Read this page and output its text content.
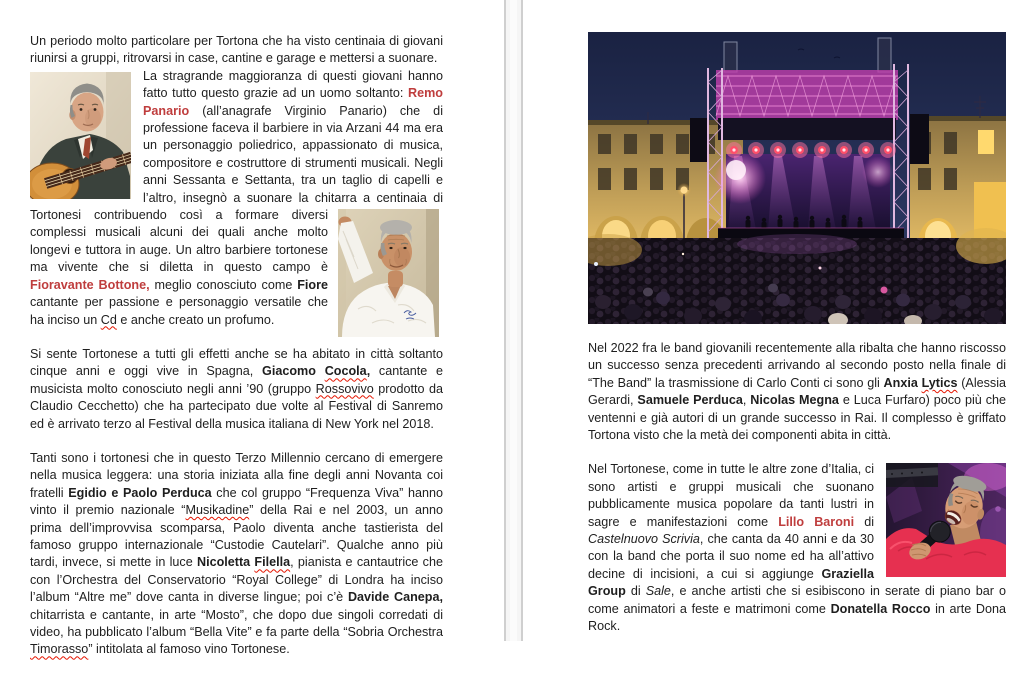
Un periodo molto particolare per Tortona che ha visto centinaia di giovani riunirsi a gruppi, ritrovarsi in case, cantine e garage e mettersi a suonare.

La stragrande maggioranza di questi giovani hanno fatto tutto questo grazie ad un uomo soltanto: Remo Panario (all’anagrafe Virginio Panario) che di professione faceva il barbiere in via Arzani 44 ma era un personaggio poliedrico, appassionato di musica, compositore e costruttore di strumenti musicali. Negli anni Sessanta e Settanta, tra un taglio di capelli e l’altro, insegnò a suonare la chitarra a
centinaia di Tortonesi contribuendo così a formare diversi complessi musicali alcuni dei quali anche molto longevi e tuttora in auge. Un altro barbiere tortonese ma vivente che si diletta in questo campo è Fioravante Bottone, meglio conosciuto come Fiore cantante per passione e personaggio versatile che ha inciso un Cd e anche creato un profumo.

Si sente Tortonese a tutti gli effetti anche se ha abitato in città soltanto cinque anni e oggi vive in Spagna, Giacomo Cocola, cantante e musicista molto conosciuto negli anni ’90 (gruppo Rossovivo prodotto da Claudio Cecchetto) che ha partecipato due volte al Festival di Sanremo ed è arrivato terzo al Festival della musica italiana di New York nel 2018.

Tanti sono i tortonesi che in questo Terzo Millennio cercano di emergere nella musica leggera: una storia iniziata alla fine degli anni Novanta coi fratelli Egidio e Paolo Perduca che col gruppo “Frequenza Viva” hanno vinto il premio nazionale “Musikadine” della Rai e nel 2003, un anno prima dell’improvvisa scomparsa, Paolo diventa anche tastierista del famoso gruppo internazionale “Custodie Cautelari”. Qualche anno più tardi, invece, si mette in luce Nicoletta Filella, pianista e cantautrice che con l’Orchestra del Conservatorio “Royal College” di Londra ha inciso l’album “Altre me” dove canta in diverse lingue; poi c’è Davide Canepa, chitarrista e cantante, in arte “Mosto”, che dopo due singoli corredati di video, ha pubblicato l’album “Bella Vite” e fa parte della “Sobria Orchestra Timorasso” intitolata al famoso vino Tortonese.

Nel 2022 fra le band giovanili recentemente alla ribalta che hanno riscosso un successo senza precedenti arrivando al secondo posto nella finale di “The Band” la trasmissione di Carlo Conti ci sono gli Anxia Lytics (Alessia Gerardi, Samuele Perduca, Nicolas Megna e Luca Furfaro) poco più che ventenni e già autori di un grande successo in Rai. Il complesso è griffato Tortona visto che la metà dei componenti abita in città.

Nel Tortonese, come in tutte le altre zone d’Italia, ci sono artisti e gruppi musicali che suonano pubblicamente musica popolare da tanti lustri in sagre e manifestazioni come Lillo Baroni di Castelnuovo Scrivia, che canta da 40 anni e da 30 con la band che porta il suo nome ed ha all’attivo decine di incisioni, a cui si aggiunge Graziella Group di Sale, e anche artisti che si esibiscono in serate di piano bar o come animatori a feste e matrimoni come Donatella Rocco in arte Dona Rock.
